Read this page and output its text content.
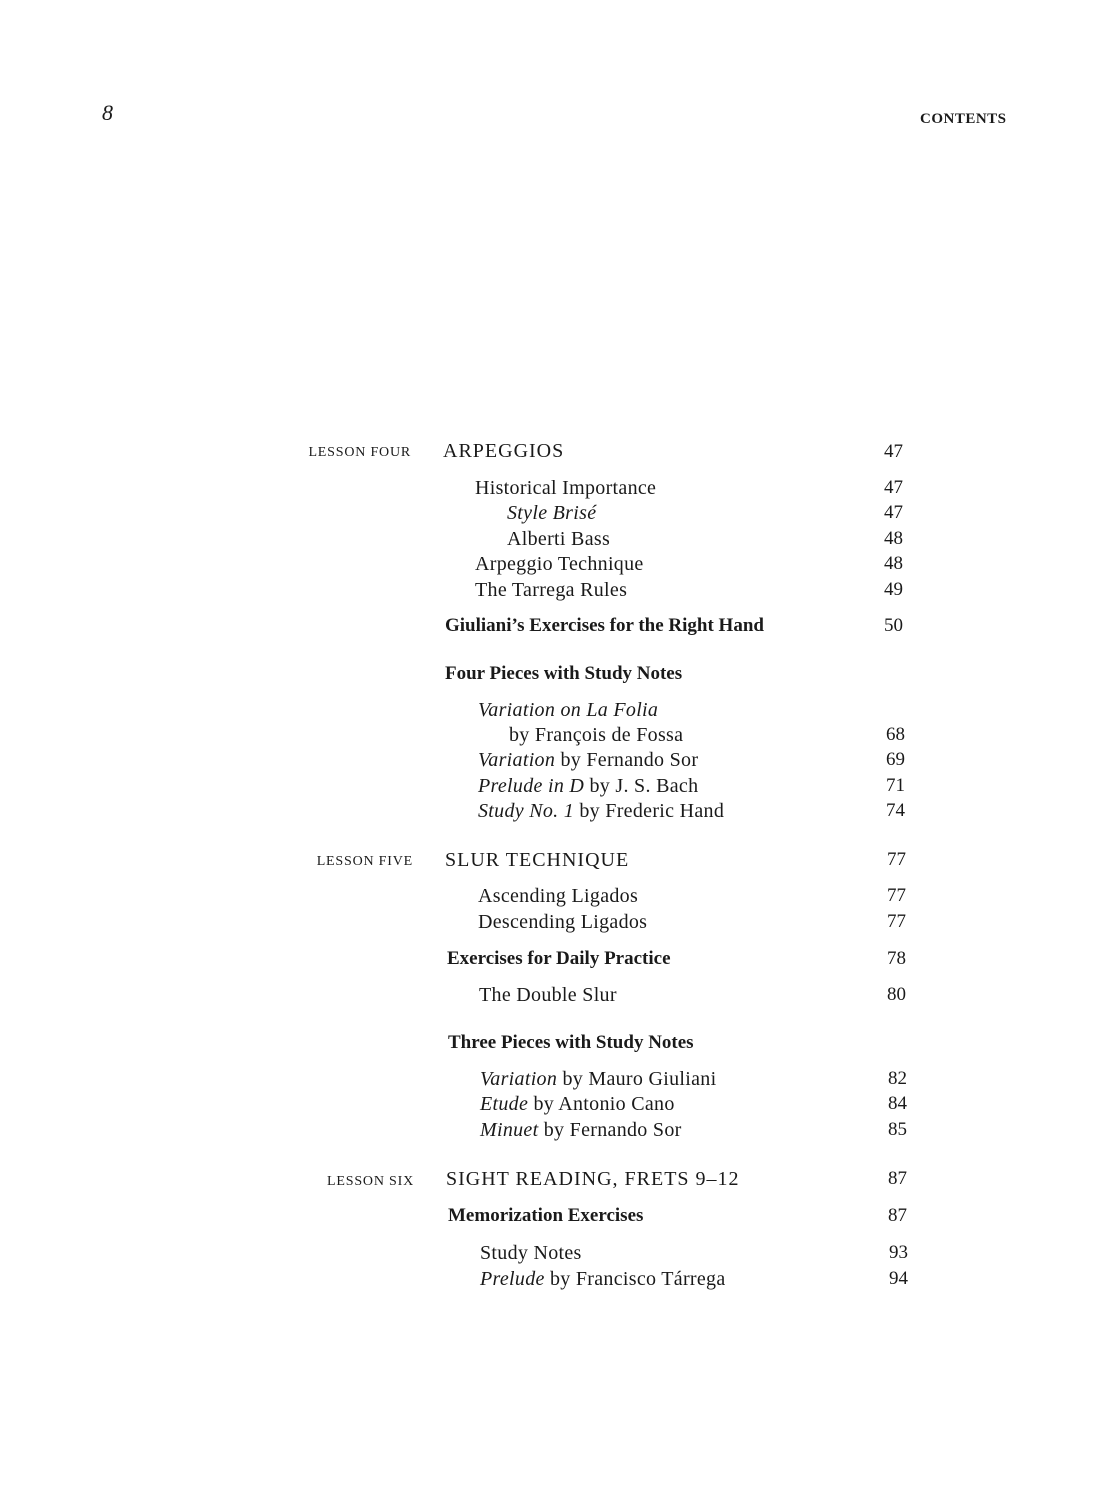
8	CONTENTS
LESSON FOUR ARPEGGIOS	47
Historical Importance	47
Style Brisé	47
Alberti Bass	48
Arpeggio Technique	48
The Tarrega Rules	49
Giuliani’s Exercises for the Right Hand	50
Four Pieces with Study Notes
Variation on La Folia
by François de Fossa	68
Variation by Fernando Sor	69
Prelude in D by J. S. Bach	71
Study No. 1 by Frederic Hand	74
LESSON FIVE SLUR TECHNIQUE	77
Ascending Ligados	77
Descending Ligados	77
Exercises for Daily Practice	78
The Double Slur	80
Three Pieces with Study Notes
Variation by Mauro Giuliani	82
Etude by Antonio Cano	84
Minuet by Fernando Sor	85
LESSON SIX SIGHT READING, FRETS 9–12	87
Memorization Exercises	87
Study Notes	93
Prelude by Francisco Tárrega	94
